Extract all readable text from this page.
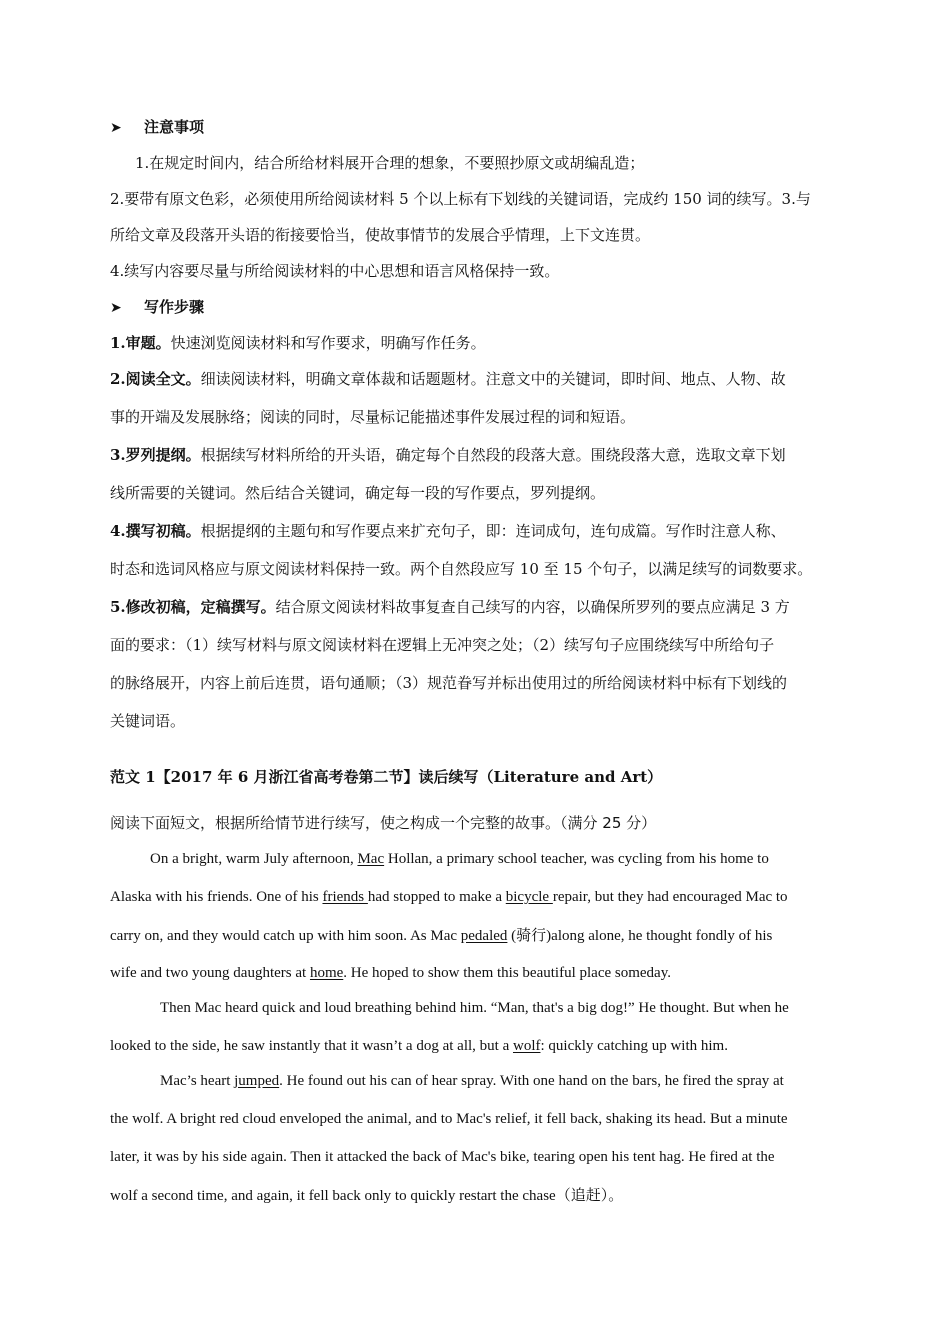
➤ 注意事项
1.在规定时间内，结合所给材料展开合理的想象，不要照抄原文或胡编乱造；
2.要带有原文色彩，必须使用所给阅读材料 5 个以上标有下划线的关键词语，完成约 150 词的续写。3.与
所给文章及段落开头语的衔接要恰当，使故事情节的发展合乎情理，上下文连贯。
4.续写内容要尽量与所给阅读材料的中心思想和语言风格保持一致。
➤ 写作步骤
1.审题。快速浏览阅读材料和写作要求，明确写作任务。
2.阅读全文。细读阅读材料，明确文章体裁和话题题材。注意文中的关键词，即时间、地点、人物、故
事的开端及发展脉络；阅读的同时，尽量标记能描述事件发展过程的词和短语。
3.罗列提纲。根据续写材料所给的开头语，确定每个自然段的段落大意。围绕段落大意，选取文章下划
线所需要的关键词。然后结合关键词，确定每一段的写作要点，罗列提纲。
4.撰写初稿。根据提纲的主题句和写作要点来扩充句子，即：连词成句，连句成篇。写作时注意人称、
时态和选词风格应与原文阅读材料保持一致。两个自然段应写 10 至 15 个句子，以满足续写的词数要求。
5.修改初稿，定稿撰写。结合原文阅读材料故事复查自己续写的内容，以确保所罗列的要点应满足 3 方
面的要求：（1）续写材料与原文阅读材料在逻辑上无冲突之处；（2）续写句子应围绕续写中所给句子
的脉络展开，内容上前后连贯，语句通顺；（3）规范眷写并标出使用过的所给阅读材料中标有下划线的
关键词语。
范文 1【2017 年 6 月浙江省高考卷第二节】读后续写（Literature and Art）
阅读下面短文，根据所给情节进行续写，使之构成一个完整的故事。（满分 25 分）
On a bright, warm July afternoon, Mac Hollan, a primary school teacher, was cycling from his home to
Alaska with his friends. One of his friends had stopped to make a bicycle repair, but they had encouraged Mac to
carry on, and they would catch up with him soon. As Mac pedaled (骑行)along alone, he thought fondly of his
wife and two young daughters at home. He hoped to show them this beautiful place someday.
Then Mac heard quick and loud breathing behind him. “Man, that's a big dog!” He thought. But when he
looked to the side, he saw instantly that it wasn’t a dog at all, but a wolf: quickly catching up with him.
Mac’s heart jumped. He found out his can of hear spray. With one hand on the bars, he fired the spray at
the wolf. A bright red cloud enveloped the animal, and to Mac's relief, it fell back, shaking its head. But a minute
later, it was by his side again. Then it attacked the back of Mac's bike, tearing open his tent hag. He fired at the
wolf a second time, and again, it fell back only to quickly restart the chase（追赶）。
